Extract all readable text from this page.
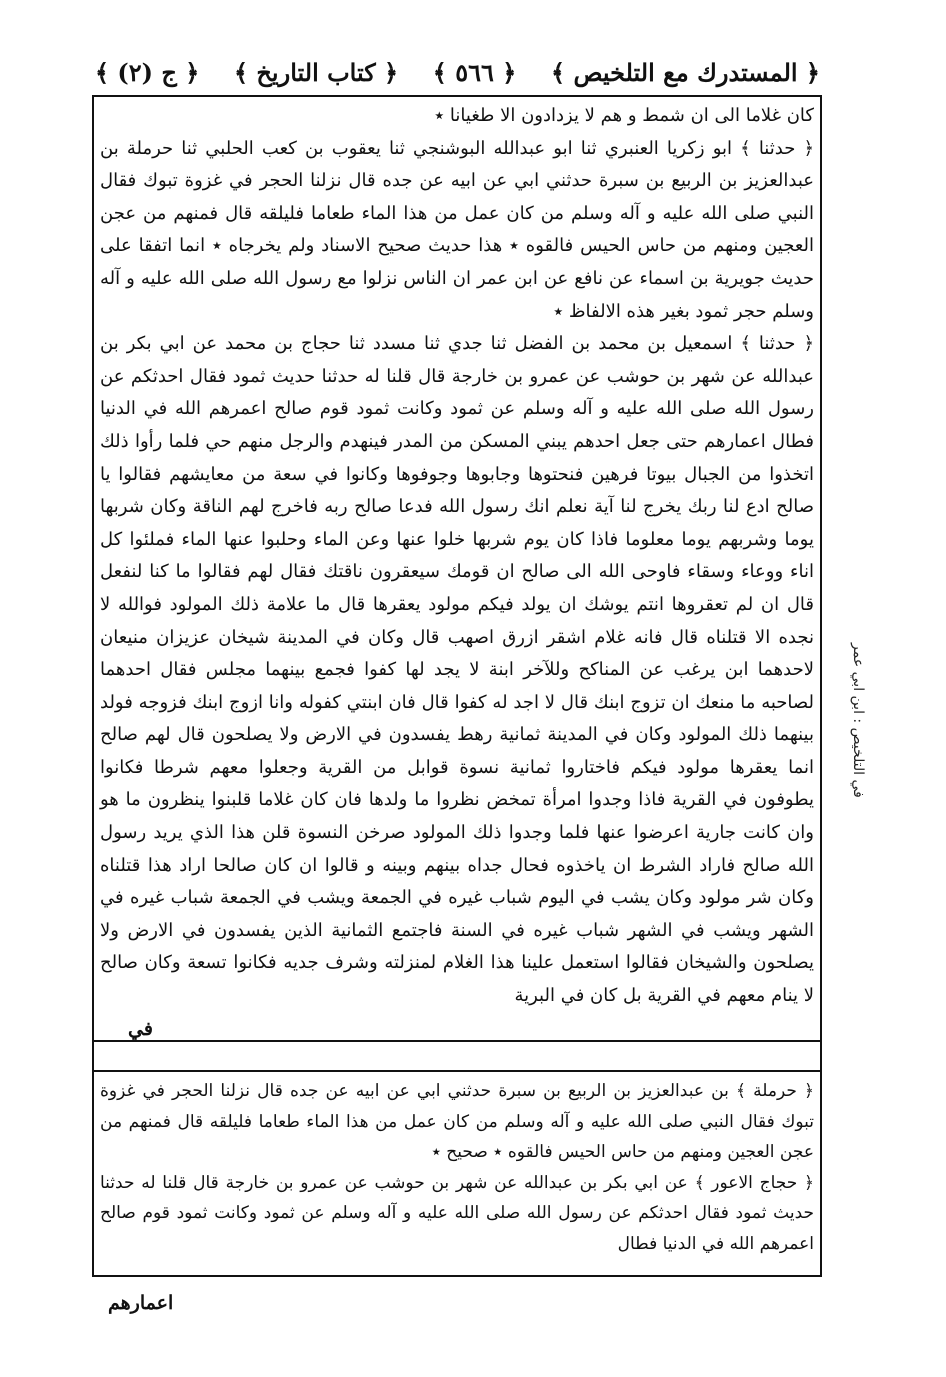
﴿ المستدرك مع التلخيص ﴾
﴿ ٥٦٦ ﴾
﴿ كتاب التاريخ ﴾
﴿ ج (٢) ﴾

كان غلاما الى ان شمط و هم لا يزدادون الا طغيانا ٭

﴿ حدثنا ﴾ ابو زكريا العنبري ثنا ابو عبدالله البوشنجي ثنا يعقوب بن كعب الحلبي ثنا حرملة بن عبدالعزيز بن الربيع بن سبرة حدثني ابي عن ابيه عن جده قال نزلنا الحجر في غزوة تبوك فقال النبي صلى الله عليه و آله وسلم من كان عمل من هذا الماء طعاما فليلقه قال فمنهم من عجن العجين ومنهم من حاس الحيس فالقوه ٭ هذا حديث صحيح الاسناد ولم يخرجاه ٭ انما اتفقا على حديث جويرية بن اسماء عن نافع عن ابن عمر ان الناس نزلوا مع رسول الله صلى الله عليه و آله وسلم حجر ثمود بغير هذه الالفاظ ٭

﴿ حدثنا ﴾ اسمعيل بن محمد بن الفضل ثنا جدي ثنا مسدد ثنا حجاج بن محمد عن ابي بكر بن عبدالله عن شهر بن حوشب عن عمرو بن خارجة قال قلنا له حدثنا حديث ثمود فقال احدثكم عن رسول الله صلى الله عليه و آله وسلم عن ثمود وكانت ثمود قوم صالح اعمرهم الله في الدنيا فطال اعمارهم حتى جعل احدهم يبني المسكن من المدر فينهدم والرجل منهم حي فلما رأوا ذلك اتخذوا من الجبال بيوتا فرهين فنحتوها وجابوها وجوفوها وكانوا في سعة من معايشهم فقالوا يا صالح ادع لنا ربك يخرج لنا آية نعلم انك رسول الله فدعا صالح ربه فاخرج لهم الناقة وكان شربها يوما وشربهم يوما معلوما فاذا كان يوم شربها خلوا عنها وعن الماء وحلبوا عنها الماء فملئوا كل اناء ووعاء وسقاء فاوحى الله الى صالح ان قومك سيعقرون ناقتك فقال لهم فقالوا ما كنا لنفعل قال ان لم تعقروها انتم يوشك ان يولد فيكم مولود يعقرها قال ما علامة ذلك المولود فوالله لا نجده الا قتلناه قال فانه غلام اشقر ازرق اصهب قال وكان في المدينة شيخان عزيزان منيعان لاحدهما ابن يرغب عن المناكح وللآخر ابنة لا يجد لها كفوا فجمع بينهما مجلس فقال احدهما لصاحبه ما منعك ان تزوج ابنك قال لا اجد له كفوا قال فان ابنتي كفوله وانا ازوج ابنك فزوجه فولد بينهما ذلك المولود وكان في المدينة ثمانية رهط يفسدون في الارض ولا يصلحون قال لهم صالح انما يعقرها مولود فيكم فاختاروا ثمانية نسوة قوابل من القرية وجعلوا معهم شرطا فكانوا يطوفون في القرية فاذا وجدوا امرأة تمخض نظروا ما ولدها فان كان غلاما قلبنوا ينظرون ما هو وان كانت جارية اعرضوا عنها فلما وجدوا ذلك المولود صرخن النسوة قلن هذا الذي يريد رسول الله صالح فاراد الشرط ان ياخذوه فحال جداه بينهم وبينه و قالوا ان كان صالحا اراد هذا قتلناه وكان شر مولود وكان يشب في اليوم شباب غيره في الجمعة ويشب في الجمعة شباب غيره في الشهر ويشب في الشهر شباب غيره في السنة فاجتمع الثمانية الذين يفسدون في الارض ولا يصلحون والشيخان فقالوا استعمل علينا هذا الغلام لمنزلته وشرف جديه فكانوا تسعة وكان صالح لا ينام معهم في القرية بل كان في البرية

في

﴿ حرملة ﴾ بن عبدالعزيز بن الربيع بن سبرة حدثني ابي عن ابيه عن جده قال نزلنا الحجر في غزوة تبوك فقال النبي صلى الله عليه و آله وسلم من كان عمل من هذا الماء طعاما فليلقه قال فمنهم من عجن العجين ومنهم من حاس الحيس فالقوه ٭ صحيح ٭

﴿ حجاج الاعور ﴾ عن ابي بكر بن عبدالله عن شهر بن حوشب عن عمرو بن خارجة قال قلنا له حدثنا حديث ثمود فقال احدثكم عن رسول الله صلى الله عليه و آله وسلم عن ثمود وكانت ثمود قوم صالح اعمرهم الله في الدنيا فطال

اعمارهم
في التلخيص : ابن ابي عمر
